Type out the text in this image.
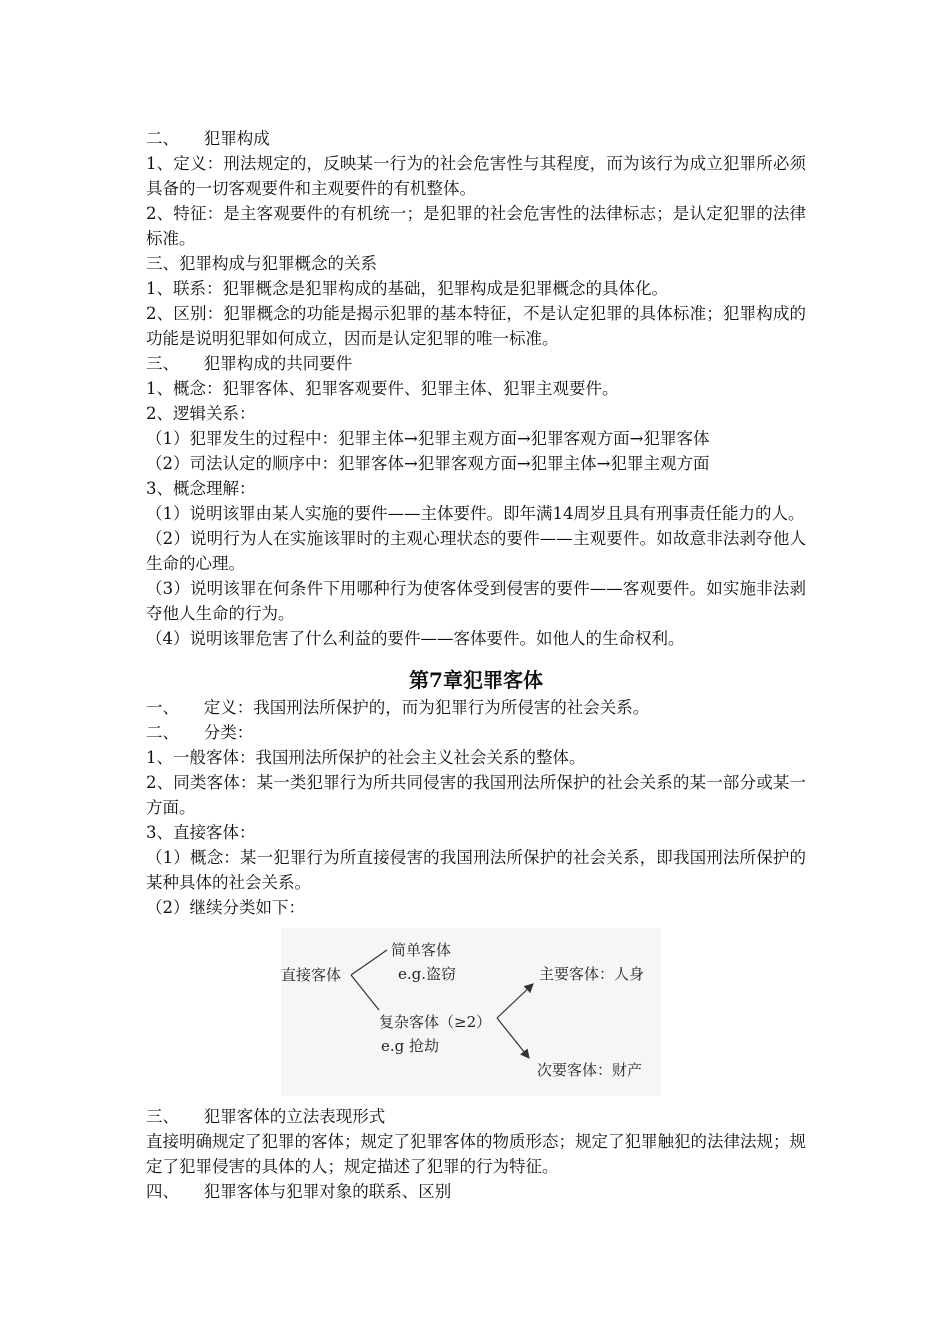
二、　　犯罪构成
1、定义：刑法规定的，反映某一行为的社会危害性与其程度，而为该行为成立犯罪所必须具备的一切客观要件和主观要件的有机整体。
2、特征：是主客观要件的有机统一；是犯罪的社会危害性的法律标志；是认定犯罪的法律标准。
三、犯罪构成与犯罪概念的关系
1、联系：犯罪概念是犯罪构成的基础，犯罪构成是犯罪概念的具体化。
2、区别：犯罪概念的功能是揭示犯罪的基本特征，不是认定犯罪的具体标准；犯罪构成的功能是说明犯罪如何成立，因而是认定犯罪的唯一标准。
三、　　犯罪构成的共同要件
1、概念：犯罪客体、犯罪客观要件、犯罪主体、犯罪主观要件。
2、逻辑关系：
（1）犯罪发生的过程中：犯罪主体→犯罪主观方面→犯罪客观方面→犯罪客体
（2）司法认定的顺序中：犯罪客体→犯罪客观方面→犯罪主体→犯罪主观方面
3、概念理解：
（1）说明该罪由某人实施的要件——主体要件。即年满14周岁且具有刑事责任能力的人。
（2）说明行为人在实施该罪时的主观心理状态的要件——主观要件。如故意非法剥夺他人生命的心理。
（3）说明该罪在何条件下用哪种行为使客体受到侵害的要件——客观要件。如实施非法剥夺他人生命的行为。
（4）说明该罪危害了什么利益的要件——客体要件。如他人的生命权利。
第7章犯罪客体
一、　　定义：我国刑法所保护的，而为犯罪行为所侵害的社会关系。
二、　　分类：
1、一般客体：我国刑法所保护的社会主义社会关系的整体。
2、同类客体：某一类犯罪行为所共同侵害的我国刑法所保护的社会关系的某一部分或某一方面。
3、直接客体：
（1）概念：某一犯罪行为所直接侵害的我国刑法所保护的社会关系，即我国刑法所保护的某种具体的社会关系。
（2）继续分类如下：
直接客体
简单客体
e.g.盗窃
复杂客体（≥2）
e.g 抢劫
主要客体：人身
次要客体：财产
三、　　犯罪客体的立法表现形式
直接明确规定了犯罪的客体；规定了犯罪客体的物质形态；规定了犯罪触犯的法律法规；规定了犯罪侵害的具体的人；规定描述了犯罪的行为特征。
四、　　犯罪客体与犯罪对象的联系、区别
